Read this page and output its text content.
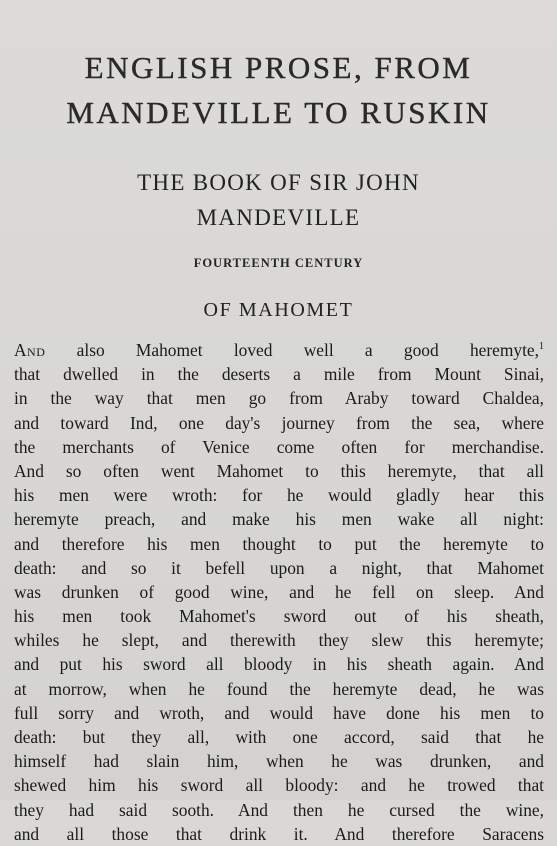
ENGLISH PROSE, FROM
MANDEVILLE TO RUSKIN
THE BOOK OF SIR JOHN
MANDEVILLE
FOURTEENTH CENTURY
OF MAHOMET
And also Mahomet loved well a good heremyte,$^1$
that dwelled in the deserts a mile from Mount Sinai,
in the way that men go from Araby toward Chaldea,
and toward Ind, one day's journey from the sea, where
the merchants of Venice come often for merchandise.
And so often went Mahomet to this heremyte, that all
his men were wroth: for he would gladly hear this
heremyte preach, and make his men wake all night:
and therefore his men thought to put the heremyte to
death: and so it befell upon a night, that Mahomet
was drunken of good wine, and he fell on sleep. And
his men took Mahomet's sword out of his sheath,
whiles he slept, and therewith they slew this heremyte;
and put his sword all bloody in his sheath again. And
at morrow, when he found the heremyte dead, he was
full sorry and wroth, and would have done his men to
death: but they all, with one accord, said that he
himself had slain him, when he was drunken, and
shewed him his sword all bloody: and he trowed that
they had said sooth. And then he cursed the wine,
and all those that drink it. And therefore Saracens
